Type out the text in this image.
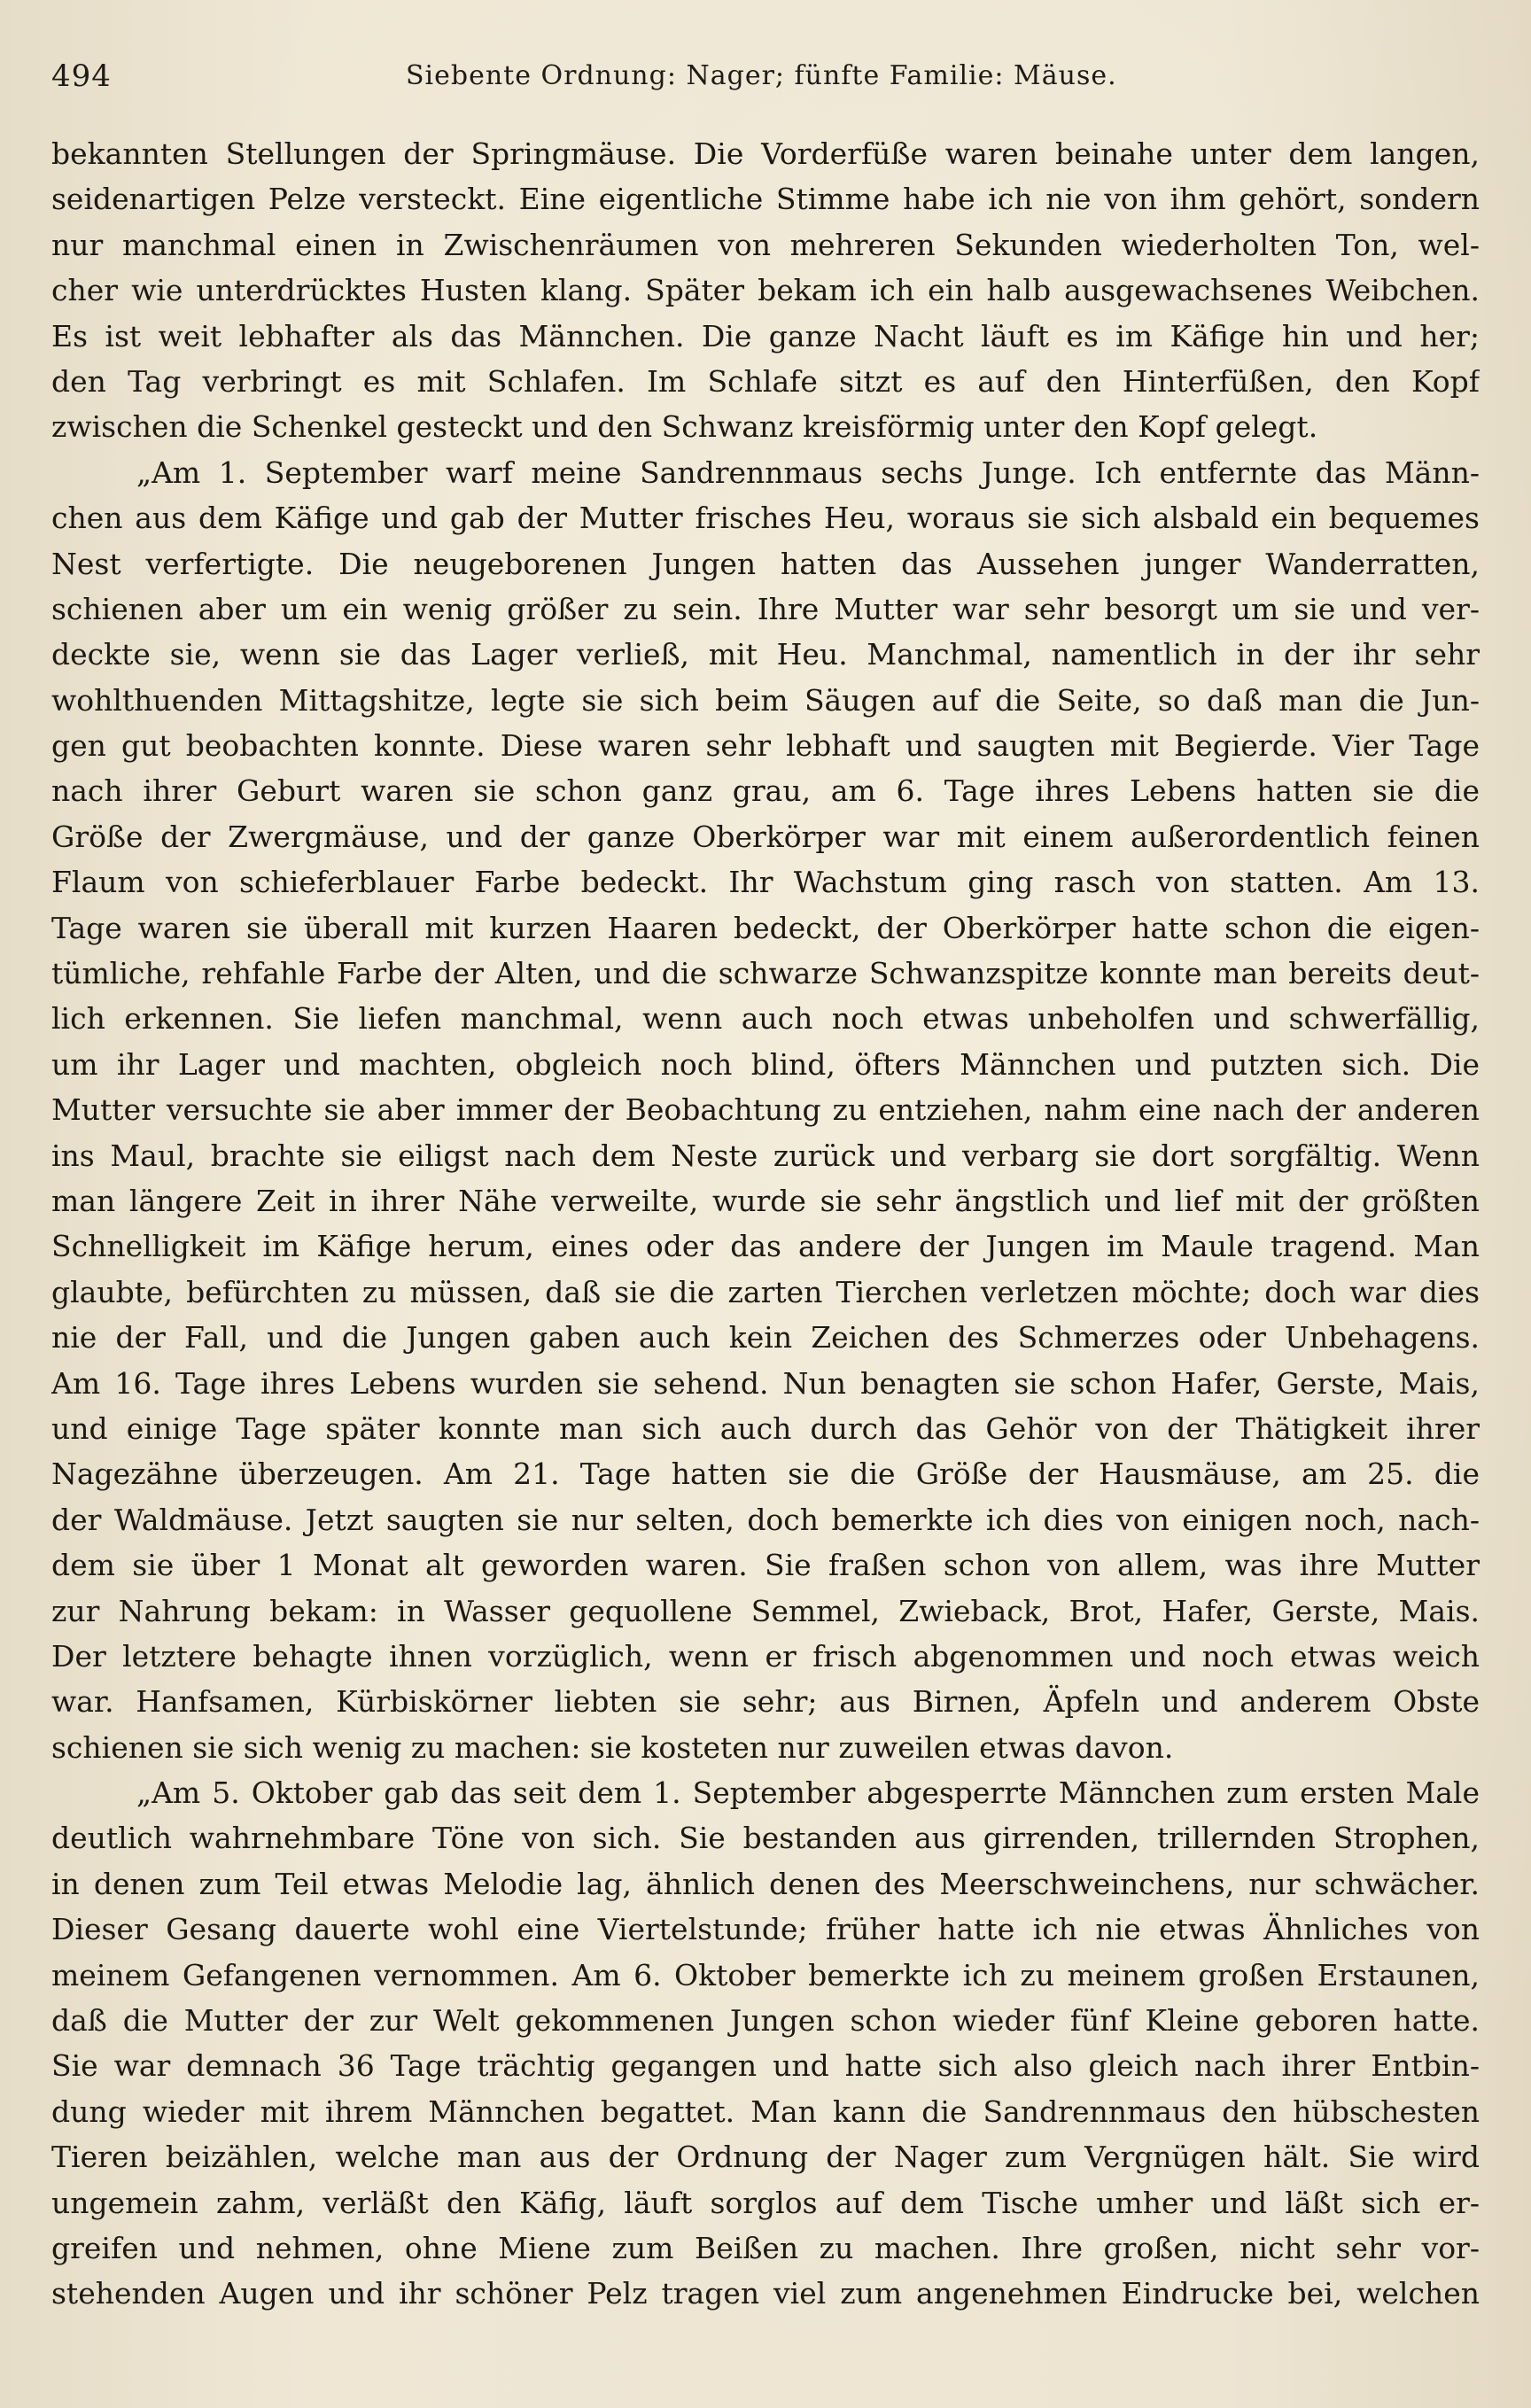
494	Siebente Ordnung: Nager; fünfte Familie: Mäuse.
bekannten Stellungen der Springmäuse. Die Vorderfüße waren beinahe unter dem langen,
seidenartigen Pelze versteckt. Eine eigentliche Stimme habe ich nie von ihm gehört, sondern
nur manchmal einen in Zwischenräumen von mehreren Sekunden wiederholten Ton, wel-
cher wie unterdrücktes Husten klang. Später bekam ich ein halb ausgewachsenes Weibchen.
Es ist weit lebhafter als das Männchen. Die ganze Nacht läuft es im Käfige hin und her;
den Tag verbringt es mit Schlafen. Im Schlafe sitzt es auf den Hinterfüßen, den Kopf
zwischen die Schenkel gesteckt und den Schwanz kreisförmig unter den Kopf gelegt.
„Am 1. September warf meine Sandrennmaus sechs Junge. Ich entfernte das Männ-
chen aus dem Käfige und gab der Mutter frisches Heu, woraus sie sich alsbald ein bequemes
Nest verfertigte. Die neugeborenen Jungen hatten das Aussehen junger Wanderratten,
schienen aber um ein wenig größer zu sein. Ihre Mutter war sehr besorgt um sie und ver-
deckte sie, wenn sie das Lager verließ, mit Heu. Manchmal, namentlich in der ihr sehr
wohlthuenden Mittagshitze, legte sie sich beim Säugen auf die Seite, so daß man die Jun-
gen gut beobachten konnte. Diese waren sehr lebhaft und saugten mit Begierde. Vier Tage
nach ihrer Geburt waren sie schon ganz grau, am 6. Tage ihres Lebens hatten sie die
Größe der Zwergmäuse, und der ganze Oberkörper war mit einem außerordentlich feinen
Flaum von schieferblauer Farbe bedeckt. Ihr Wachstum ging rasch von statten. Am 13.
Tage waren sie überall mit kurzen Haaren bedeckt, der Oberkörper hatte schon die eigen-
tümliche, rehfahle Farbe der Alten, und die schwarze Schwanzspitze konnte man bereits deut-
lich erkennen. Sie liefen manchmal, wenn auch noch etwas unbeholfen und schwerfällig,
um ihr Lager und machten, obgleich noch blind, öfters Männchen und putzten sich. Die
Mutter versuchte sie aber immer der Beobachtung zu entziehen, nahm eine nach der anderen
ins Maul, brachte sie eiligst nach dem Neste zurück und verbarg sie dort sorgfältig. Wenn
man längere Zeit in ihrer Nähe verweilte, wurde sie sehr ängstlich und lief mit der größten
Schnelligkeit im Käfige herum, eines oder das andere der Jungen im Maule tragend. Man
glaubte, befürchten zu müssen, daß sie die zarten Tierchen verletzen möchte; doch war dies
nie der Fall, und die Jungen gaben auch kein Zeichen des Schmerzes oder Unbehagens.
Am 16. Tage ihres Lebens wurden sie sehend. Nun benagten sie schon Hafer, Gerste, Mais,
und einige Tage später konnte man sich auch durch das Gehör von der Thätigkeit ihrer
Nagezähne überzeugen. Am 21. Tage hatten sie die Größe der Hausmäuse, am 25. die
der Waldmäuse. Jetzt saugten sie nur selten, doch bemerkte ich dies von einigen noch, nach-
dem sie über 1 Monat alt geworden waren. Sie fraßen schon von allem, was ihre Mutter
zur Nahrung bekam: in Wasser gequollene Semmel, Zwieback, Brot, Hafer, Gerste, Mais.
Der letztere behagte ihnen vorzüglich, wenn er frisch abgenommen und noch etwas weich
war. Hanfsamen, Kürbiskörner liebten sie sehr; aus Birnen, Äpfeln und anderem Obste
schienen sie sich wenig zu machen: sie kosteten nur zuweilen etwas davon.
„Am 5. Oktober gab das seit dem 1. September abgesperrte Männchen zum ersten Male
deutlich wahrnehmbare Töne von sich. Sie bestanden aus girrenden, trillernden Strophen,
in denen zum Teil etwas Melodie lag, ähnlich denen des Meerschweinchens, nur schwächer.
Dieser Gesang dauerte wohl eine Viertelstunde; früher hatte ich nie etwas Ähnliches von
meinem Gefangenen vernommen. Am 6. Oktober bemerkte ich zu meinem großen Erstaunen,
daß die Mutter der zur Welt gekommenen Jungen schon wieder fünf Kleine geboren hatte.
Sie war demnach 36 Tage trächtig gegangen und hatte sich also gleich nach ihrer Entbin-
dung wieder mit ihrem Männchen begattet. Man kann die Sandrennmaus den hübschesten
Tieren beizählen, welche man aus der Ordnung der Nager zum Vergnügen hält. Sie wird
ungemein zahm, verläßt den Käfig, läuft sorglos auf dem Tische umher und läßt sich er-
greifen und nehmen, ohne Miene zum Beißen zu machen. Ihre großen, nicht sehr vor-
stehenden Augen und ihr schöner Pelz tragen viel zum angenehmen Eindrucke bei, welchen
